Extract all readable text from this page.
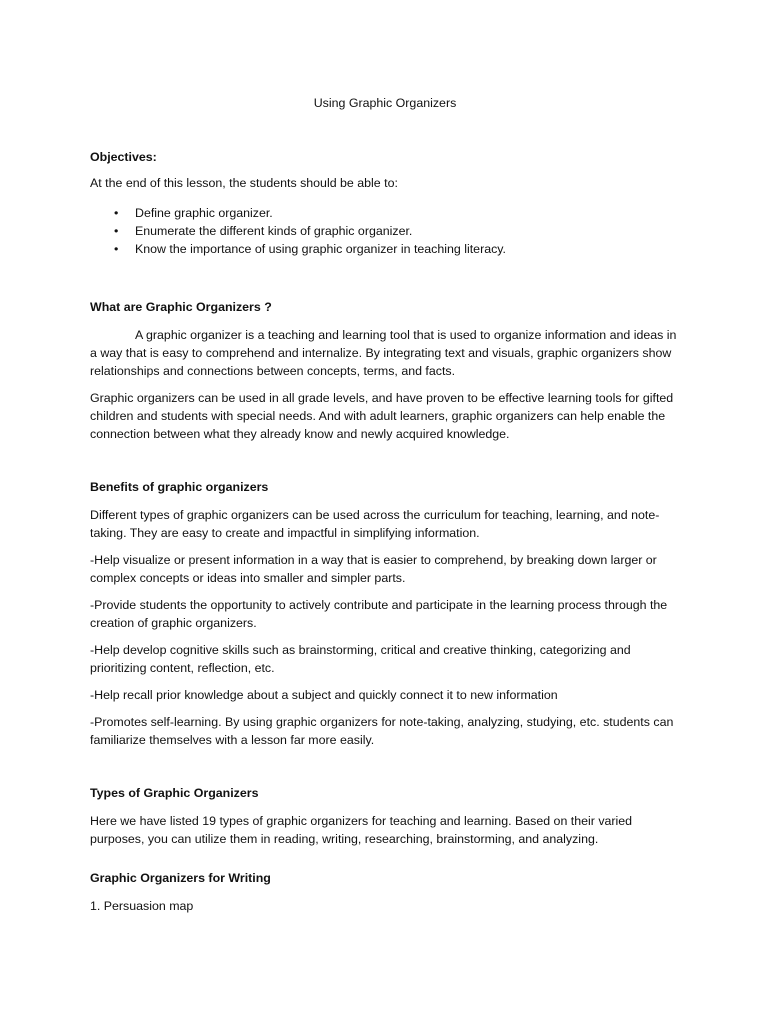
Using Graphic Organizers

Objectives:

At the end of this lesson, the students should be able to:

• Define graphic organizer.
• Enumerate the different kinds of graphic organizer.
• Know the importance of using graphic organizer in teaching literacy.

What are Graphic Organizers ?

A graphic organizer is a teaching and learning tool that is used to organize information and ideas in a way that is easy to comprehend and internalize. By integrating text and visuals, graphic organizers show relationships and connections between concepts, terms, and facts.

Graphic organizers can be used in all grade levels, and have proven to be effective learning tools for gifted children and students with special needs. And with adult learners, graphic organizers can help enable the connection between what they already know and newly acquired knowledge.

Benefits of graphic organizers

Different types of graphic organizers can be used across the curriculum for teaching, learning, and note-taking. They are easy to create and impactful in simplifying information.

-Help visualize or present information in a way that is easier to comprehend, by breaking down larger or complex concepts or ideas into smaller and simpler parts.

-Provide students the opportunity to actively contribute and participate in the learning process through the creation of graphic organizers.

-Help develop cognitive skills such as brainstorming, critical and creative thinking, categorizing and prioritizing content, reflection, etc.

-Help recall prior knowledge about a subject and quickly connect it to new information

-Promotes self-learning. By using graphic organizers for note-taking, analyzing, studying, etc. students can familiarize themselves with a lesson far more easily.

Types of Graphic Organizers

Here we have listed 19 types of graphic organizers for teaching and learning. Based on their varied purposes, you can utilize them in reading, writing, researching, brainstorming, and analyzing.

Graphic Organizers for Writing

1. Persuasion map
